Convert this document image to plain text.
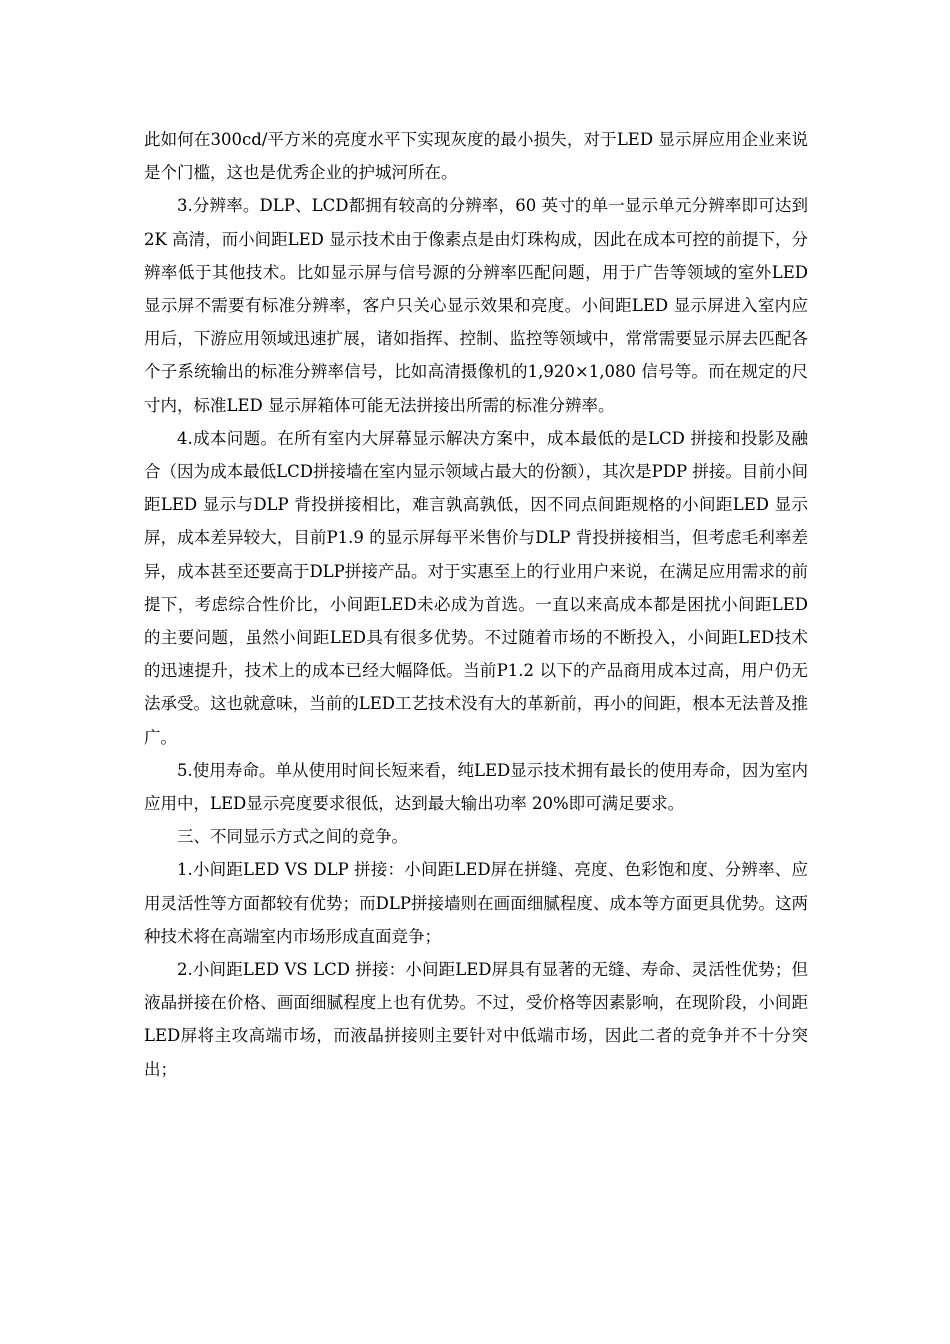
此如何在300cd/平方米的亮度水平下实现灰度的最小损失，对于LED 显示屏应用企业来说是个门槛，这也是优秀企业的护城河所在。

3.分辨率。DLP、LCD都拥有较高的分辨率，60 英寸的单一显示单元分辨率即可达到2K 高清，而小间距LED 显示技术由于像素点是由灯珠构成，因此在成本可控的前提下，分辨率低于其他技术。比如显示屏与信号源的分辨率匹配问题，用于广告等领域的室外LED 显示屏不需要有标准分辨率，客户只关心显示效果和亮度。小间距LED 显示屏进入室内应用后，下游应用领域迅速扩展，诸如指挥、控制、监控等领域中，常常需要显示屏去匹配各个子系统输出的标准分辨率信号，比如高清摄像机的1,920×1,080 信号等。而在规定的尺寸内，标准LED 显示屏箱体可能无法拼接出所需的标准分辨率。

4.成本问题。在所有室内大屏幕显示解决方案中，成本最低的是LCD 拼接和投影及融合（因为成本最低LCD拼接墙在室内显示领域占最大的份额），其次是PDP 拼接。目前小间距LED 显示与DLP 背投拼接相比，难言孰高孰低，因不同点间距规格的小间距LED 显示屏，成本差异较大，目前P1.9 的显示屏每平米售价与DLP 背投拼接相当，但考虑毛利率差异，成本甚至还要高于DLP拼接产品。对于实惠至上的行业用户来说，在满足应用需求的前提下，考虑综合性价比，小间距LED未必成为首选。一直以来高成本都是困扰小间距LED的主要问题，虽然小间距LED具有很多优势。不过随着市场的不断投入，小间距LED技术的迅速提升，技术上的成本已经大幅降低。当前P1.2 以下的产品商用成本过高，用户仍无法承受。这也就意味，当前的LED工艺技术没有大的革新前，再小的间距，根本无法普及推广。

5.使用寿命。单从使用时间长短来看，纯LED显示技术拥有最长的使用寿命，因为室内应用中，LED显示亮度要求很低，达到最大输出功率 20%即可满足要求。

三、不同显示方式之间的竞争。

1.小间距LED VS DLP 拼接：小间距LED屏在拼缝、亮度、色彩饱和度、分辨率、应用灵活性等方面都较有优势；而DLP拼接墙则在画面细腻程度、成本等方面更具优势。这两种技术将在高端室内市场形成直面竞争；

2.小间距LED VS LCD 拼接：小间距LED屏具有显著的无缝、寿命、灵活性优势；但液晶拼接在价格、画面细腻程度上也有优势。不过，受价格等因素影响，在现阶段，小间距LED屏将主攻高端市场，而液晶拼接则主要针对中低端市场，因此二者的竞争并不十分突出；
